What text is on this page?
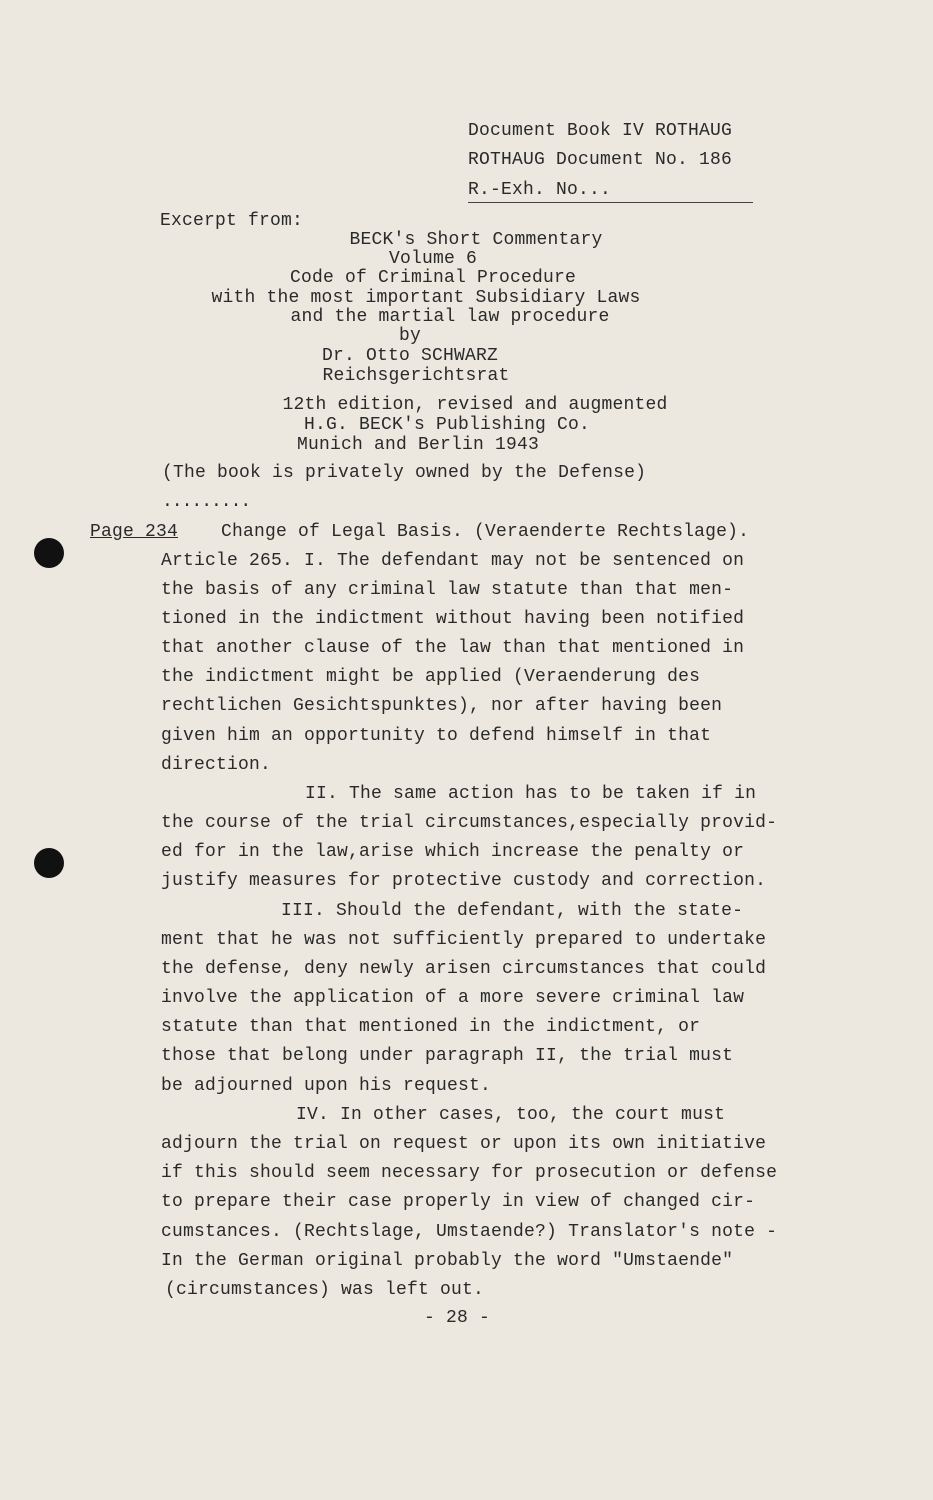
Document Book IV ROTHAUG
ROTHAUG Document No. 186
R.-Exh. No...
Excerpt from:
BECK's Short Commentary
Volume 6
Code of Criminal Procedure
with the most important Subsidiary Laws
and the martial law procedure
by
Dr. Otto SCHWARZ
Reichsgerichtsrat
12th edition, revised and augmented
H.G. BECK's Publishing Co.
Munich and Berlin 1943
(The book is privately owned by the Defense)
.........
Page 234 Change of Legal Basis. (Veraenderte Rechtslage).
Article 265. I. The defendant may not be sentenced on
the basis of any criminal law statute than that men-
tioned in the indictment without having been notified
that another clause of the law than that mentioned in
the indictment might be applied (Veraenderung des
rechtlichen Gesichtspunktes), nor after having been
given him an opportunity to defend himself in that
direction.
II. The same action has to be taken if in
the course of the trial circumstances,especially provid-
ed for in the law,arise which increase the penalty or
justify measures for protective custody and correction.
III. Should the defendant, with the state-
ment that he was not sufficiently prepared to undertake
the defense, deny newly arisen circumstances that could
involve the application of a more severe criminal law
statute than that mentioned in the indictment, or
those that belong under paragraph II, the trial must
be adjourned upon his request.
IV. In other cases, too, the court must
adjourn the trial on request or upon its own initiative
if this should seem necessary for prosecution or defense
to prepare their case properly in view of changed cir-
cumstances. (Rechtslage, Umstaende?) Translator's note -
In the German original probably the word "Umstaende"
(circumstances) was left out.
- 28 -
